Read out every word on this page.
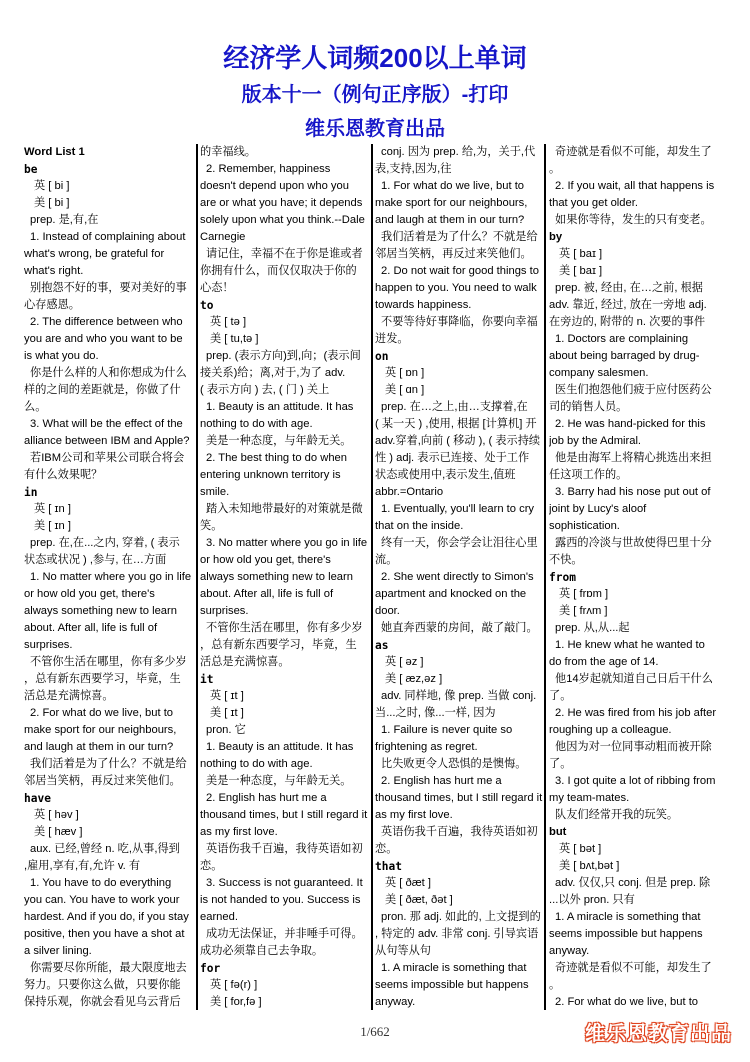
经济学人词频200以上单词
版本十一（例句正序版）-打印
维乐恩教育出品
Word List 1
be
英 [ bi ]
美 [ bi ]
prep. 是,有,在
1. Instead of complaining about
what's wrong, be grateful for
what's right.
别抱怨不好的事，要对美好的事
心存感恩。
2. The difference between who
you are and who you want to be
is what you do.
你是什么样的人和你想成为什么
样的之间的差距就是，你做了什
么。
3. What will be the effect of the
alliance between IBM and Apple?
若IBM公司和苹果公司联合将会
有什么效果呢？
in
英 [ ɪn ]
美 [ ɪn ]
prep. 在,在...之内, 穿着, ( 表示
状态或状况 ) ,参与, 在…方面
1. No matter where you go in life
or how old you get, there's
always something new to learn
about. After all, life is full of
surprises.
不管你生活在哪里，你有多少岁
，总有新东西要学习，毕竟，生
活总是充满惊喜。
2. For what do we live, but to
make sport for our neighbours,
and laugh at them in our turn?
我们活着是为了什么？不就是给
邻居当笑柄，再反过来笑他们。
have
英 [ həv ]
美 [ hæv ]
aux. 已经,曾经 n. 吃,从事,得到
,雇用,享有,有,允许 v. 有
1. You have to do everything
you can. You have to work your
hardest. And if you do, if you stay
positive, then you have a shot at
a silver lining.
你需要尽你所能，最大限度地去
努力。只要你这么做，只要你能
保持乐观，你就会看见乌云背后
的幸福线。
2. Remember, happiness
doesn't depend upon who you
are or what you have; it depends
solely upon what you think.--Dale
Carnegie
请记住，幸福不在于你是谁或者
你拥有什么，而仅仅取决于你的
心态！
to
英 [ tə ]
美 [ tu,tə ]
prep. (表示方向)到,向；(表示间
接关系)给；离,对于,为了 adv.
( 表示方向 ) 去, ( 门 ) 关上
1. Beauty is an attitude. It has
nothing to do with age.
美是一种态度，与年龄无关。
2. The best thing to do when
entering unknown territory is
smile.
踏入未知地带最好的对策就是微
笑。
3. No matter where you go in life
or how old you get, there's
always something new to learn
about. After all, life is full of
surprises.
不管你生活在哪里，你有多少岁
，总有新东西要学习，毕竟，生
活总是充满惊喜。
it
英 [ ɪt ]
美 [ ɪt ]
pron. 它
1. Beauty is an attitude. It has
nothing to do with age.
美是一种态度，与年龄无关。
2. English has hurt me a
thousand times, but I still regard it
as my first love.
英语伤我千百遍，我待英语如初
恋。
3. Success is not guaranteed. It
is not handed to you. Success is
earned.
成功无法保证，并非唾手可得。
成功必须靠自己去争取。
for
英 [ fə(r) ]
美 [ for,fə ]
conj. 因为 prep. 给,为，关于,代
表,支持,因为,往
1. For what do we live, but to
make sport for our neighbours,
and laugh at them in our turn?
我们活着是为了什么？不就是给
邻居当笑柄，再反过来笑他们。
2. Do not wait for good things to
happen to you. You need to walk
towards happiness.
不要等待好事降临，你要向幸福
迸发。
on
英 [ ɒn ]
美 [ ɑn ]
prep. 在…之上,由…支撑着,在
( 某一天 ) ,使用, 根据 [计算机] 开
adv.穿着,向前 ( 移动 ), ( 表示持续
性 ) adj. 表示已连接、处于工作
状态或使用中,表示发生,值班
abbr.=Ontario
1. Eventually, you'll learn to cry
that on the inside.
终有一天，你会学会让泪往心里
流。
2. She went directly to Simon's
apartment and knocked on the
door.
她直奔西蒙的房间，敲了敲门。
as
英 [ əz ]
美 [ æz,əz ]
adv. 同样地, 像 prep. 当做 conj.
当...之时, 像...一样, 因为
1. Failure is never quite so
frightening as regret.
比失败更令人恐惧的是懊悔。
2. English has hurt me a
thousand times, but I still regard it
as my first love.
英语伤我千百遍，我待英语如初
恋。
that
英 [ ðæt ]
美 [ ðæt, ðət ]
pron. 那 adj. 如此的, 上文提到的
, 特定的 adv. 非常 conj. 引导宾语
从句等从句
1. A miracle is something that
seems impossible but happens
anyway.
奇迹就是看似不可能，却发生了
。
2. If you wait, all that happens is
that you get older.
如果你等待，发生的只有变老。
by
英 [ baɪ ]
美 [ baɪ ]
prep. 被, 经由, 在…之前, 根据
adv. 靠近, 经过, 放在一旁地 adj.
在旁边的, 附带的 n. 次要的事件
1. Doctors are complaining
about being barraged by drug-
company salesmen.
医生们抱怨他们疲于应付医药公
司的销售人员。
2. He was hand-picked for this
job by the Admiral.
他是由海军上将精心挑选出来担
任这项工作的。
3. Barry had his nose put out of
joint by Lucy's aloof
sophistication.
露西的冷淡与世故使得巴里十分
不快。
from
英 [ frɒm ]
美 [ frʌm ]
prep. 从,从...起
1. He knew what he wanted to
do from the age of 14.
他14岁起就知道自己日后干什么
了。
2. He was fired from his job after
roughing up a colleague.
他因为对一位同事动粗而被开除
了。
3. I got quite a lot of ribbing from
my team-mates.
队友们经常开我的玩笑。
but
英 [ bət ]
美 [ bʌt,bət ]
adv. 仅仅,只 conj. 但是 prep. 除
...以外 pron. 只有
1. A miracle is something that
seems impossible but happens
anyway.
奇迹就是看似不可能，却发生了
。
2. For what do we live, but to
1/662	维乐恩教育出品
